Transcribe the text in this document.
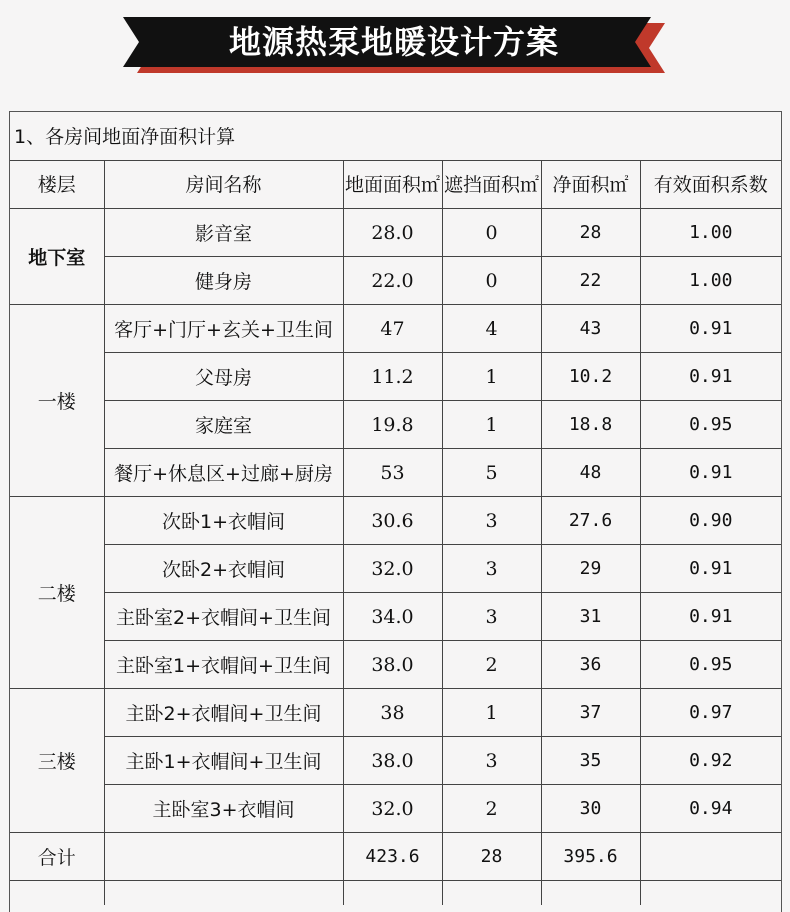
地源热泵地暖设计方案
1、各房间地面净面积计算
楼层	房间名称	地面面积㎡	遮挡面积㎡	净面积㎡	有效面积系数
地下室	影音室	28.0	0	28	1.00
	健身房	22.0	0	22	1.00
一楼	客厅+门厅+玄关+卫生间	47	4	43	0.91
	父母房	11.2	1	10.2	0.91
	家庭室	19.8	1	18.8	0.95
	餐厅+休息区+过廊+厨房	53	5	48	0.91
二楼	次卧1+衣帽间	30.6	3	27.6	0.90
	次卧2+衣帽间	32.0	3	29	0.91
	主卧室2+衣帽间+卫生间	34.0	3	31	0.91
	主卧室1+衣帽间+卫生间	38.0	2	36	0.95
三楼	主卧2+衣帽间+卫生间	38	1	37	0.97
	主卧1+衣帽间+卫生间	38.0	3	35	0.92
	主卧室3+衣帽间	32.0	2	30	0.94
合计		423.6	28	395.6	
